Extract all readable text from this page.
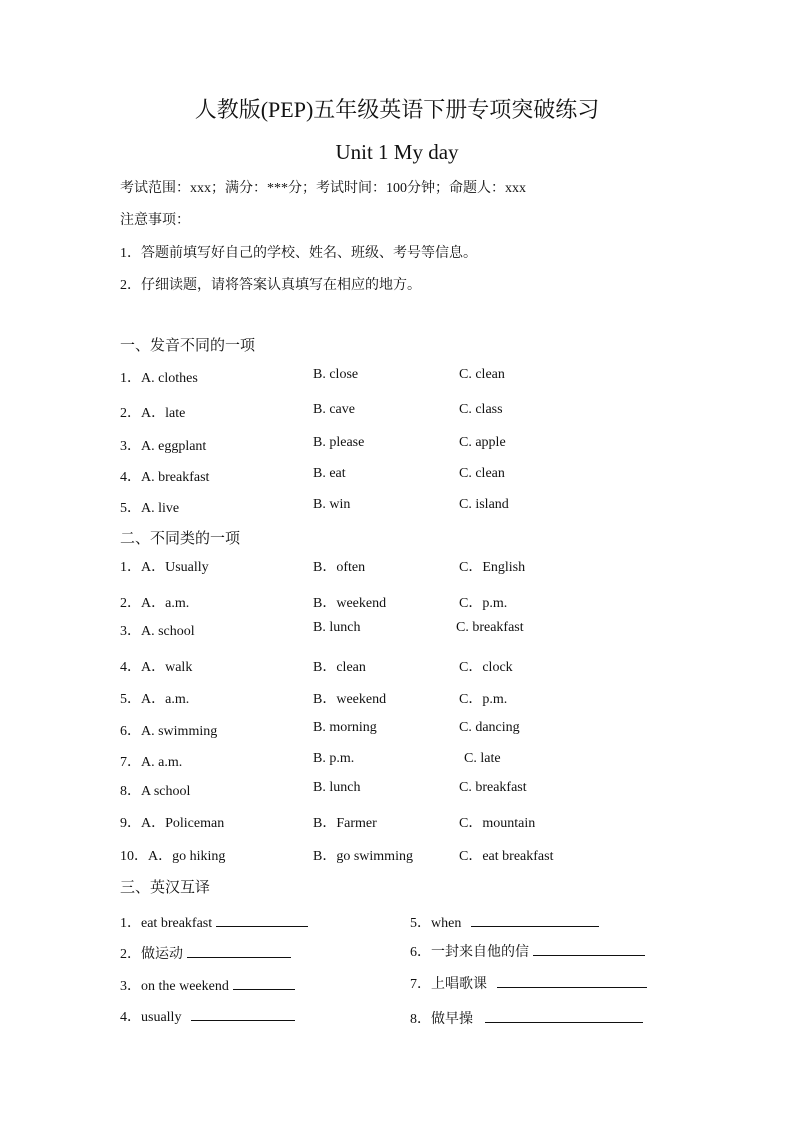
人教版(PEP)五年级英语下册专项突破练习
Unit 1 My day
考试范围：xxx；满分：***分；考试时间：100分钟；命题人：xxx
注意事项：
1．答题前填写好自己的学校、姓名、班级、考号等信息。
2．仔细读题，请将答案认真填写在相应的地方。
一、发音不同的一项
1．A. clothes	B. close	C. clean
2．A．late	B. cave	C. class
3．A. eggplant	B. please	C. apple
4．A. breakfast	B. eat	C. clean
5．A. live	B. win	C. island
二、不同类的一项
1．A．Usually	B．often	C．English
2．A．a.m.	B．weekend	C．p.m.
3．A. school	B. lunch	C. breakfast
4．A．walk	B．clean	C．clock
5．A．a.m.	B．weekend	C．p.m.
6．A. swimming	B. morning	C. dancing
7．A. a.m.	B. p.m.	C. late
8．A school	B. lunch	C. breakfast
9．A．Policeman	B．Farmer	C．mountain
10．A．go hiking	B．go swimming	C．eat breakfast
三、英汉互译
1．eat breakfast
2．做运动
3．on the weekend
4．usually
5．when
6．一封来自他的信
7．上唱歌课
8．做早操
